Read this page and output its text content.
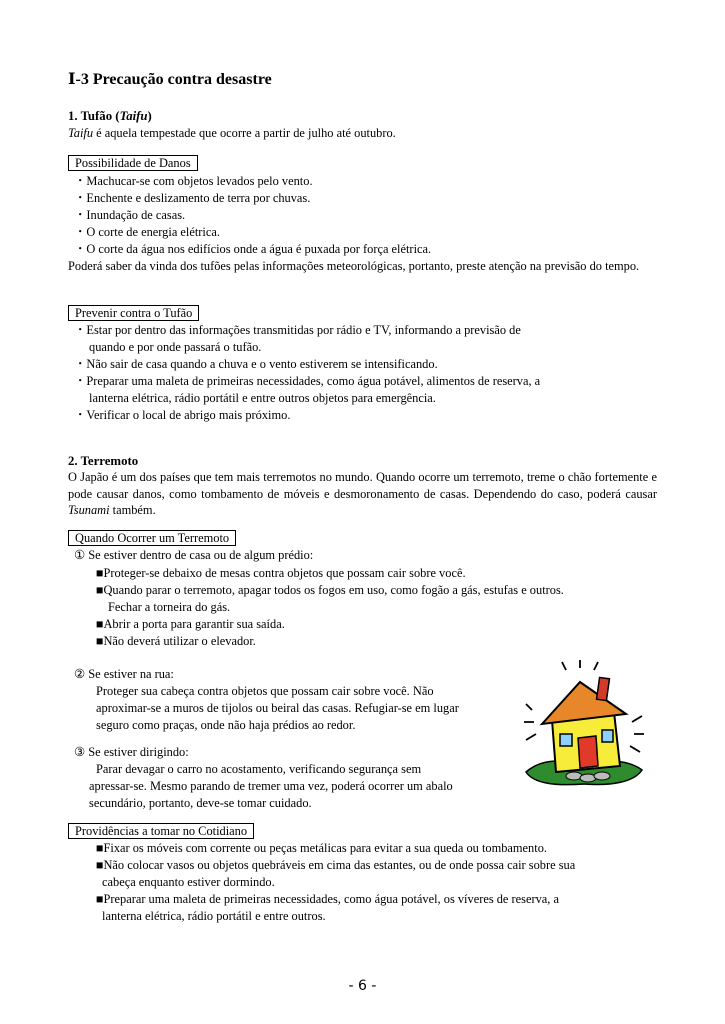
Ⅰ-3 Precaução contra desastre
1. Tufão (Taifu)
Taifu é aquela tempestade que ocorre a partir de julho até outubro.
Possibilidade de Danos
・Machucar-se com objetos levados pelo vento.
・Enchente e deslizamento de terra por chuvas.
・Inundação de casas.
・O corte de energia elétrica.
・O corte da água nos edifícios onde a água é puxada por força elétrica.
Poderá saber da vinda dos tufões pelas informações meteorológicas, portanto, preste atenção na previsão do tempo.
Prevenir contra o Tufão
・Estar por dentro das informações transmitidas por rádio e TV, informando a previsão de
quando e por onde passará o tufão.
・Não sair de casa quando a chuva e o vento estiverem se intensificando.
・Preparar uma maleta de primeiras necessidades, como água potável, alimentos de reserva, a
lanterna elétrica, rádio portátil e entre outros objetos para emergência.
・Verificar o local de abrigo mais próximo.
2. Terremoto
O Japão é um dos países que tem mais terremotos no mundo. Quando ocorre um terremoto, treme o chão fortemente e pode causar danos, como tombamento de móveis e desmoronamento de casas. Dependendo do caso, poderá causar Tsunami também.
Quando Ocorrer um Terremoto
① Se estiver dentro de casa ou de algum prédio:
■Proteger-se debaixo de mesas contra objetos que possam cair sobre você.
■Quando parar o terremoto, apagar todos os fogos em uso, como fogão a gás, estufas e outros.
Fechar a torneira do gás.
■Abrir a porta para garantir sua saída.
■Não deverá utilizar o elevador.
② Se estiver na rua:
Proteger sua cabeça contra objetos que possam cair sobre você. Não
aproximar-se a muros de tijolos ou beiral das casas. Refugiar-se em lugar
seguro como praças, onde não haja prédios ao redor.
③ Se estiver dirigindo:
Parar devagar o carro no acostamento, verificando segurança sem
apressar-se. Mesmo parando de tremer uma vez, poderá ocorrer um abalo
secundário, portanto, deve-se tomar cuidado.
Providências a tomar no Cotidiano
■Fixar os móveis com corrente ou peças metálicas para evitar a sua queda ou tombamento.
■Não colocar vasos ou objetos quebráveis em cima das estantes, ou de onde possa cair sobre sua
cabeça enquanto estiver dormindo.
■Preparar uma maleta de primeiras necessidades, como água potável, os víveres de reserva, a
lanterna elétrica, rádio portátil e entre outros.
- 6 -
